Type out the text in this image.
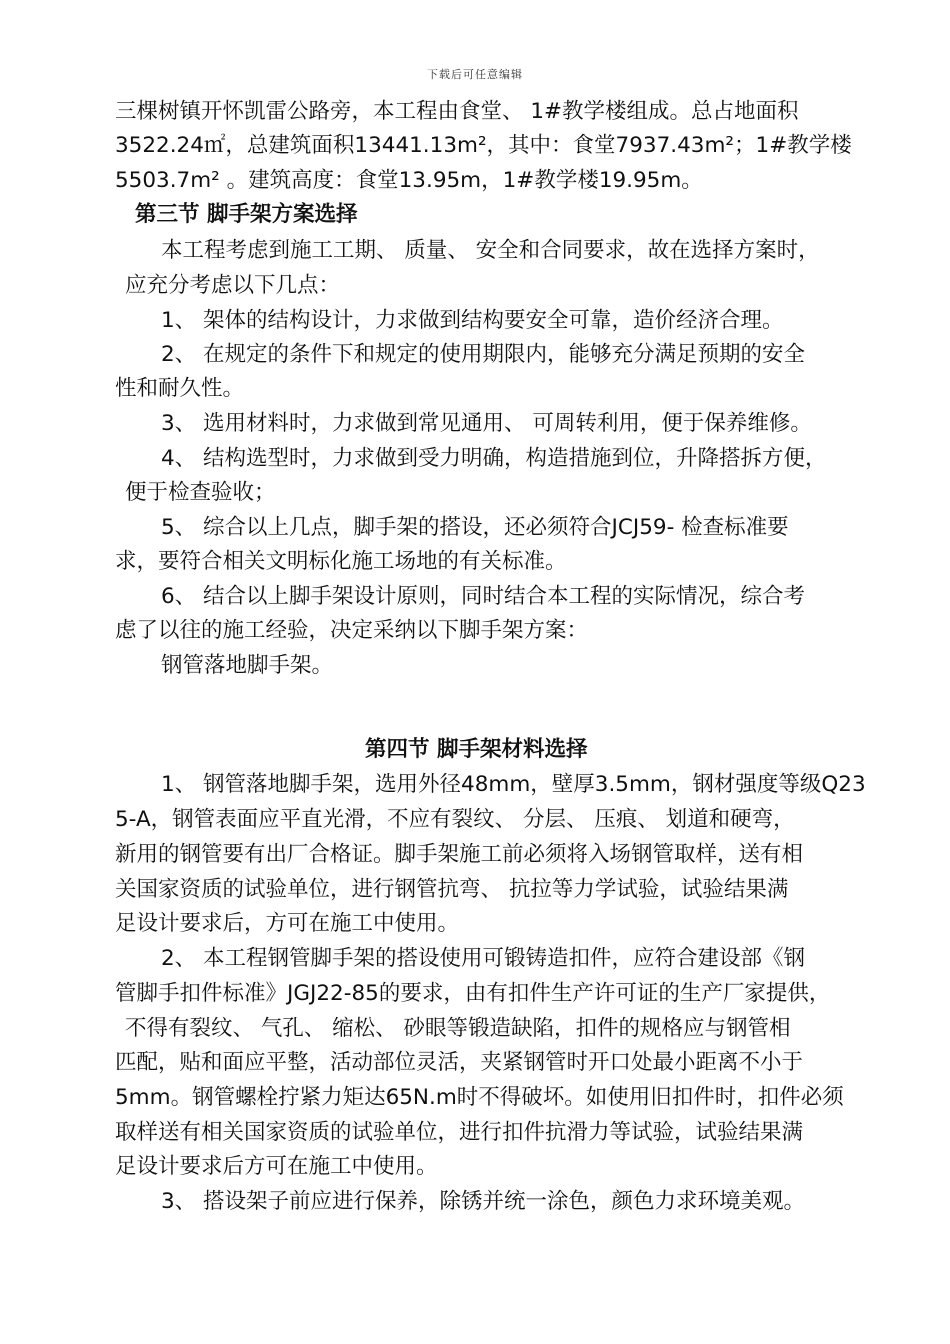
下载后可任意编辑
三棵树镇开怀凯雷公路旁，本工程由食堂、 1#教学楼组成。总占地面积
3522.24㎡，总建筑面积13441.13m²，其中：食堂7937.43m²；1#教学楼
5503.7m² 。建筑高度：食堂13.95m，1#教学楼19.95m。
第三节 脚手架方案选择
本工程考虑到施工工期、 质量、 安全和合同要求，故在选择方案时，
应充分考虑以下几点：
1、 架体的结构设计，力求做到结构要安全可靠，造价经济合理。
2、 在规定的条件下和规定的使用期限内，能够充分满足预期的安全
性和耐久性。
3、 选用材料时，力求做到常见通用、 可周转利用，便于保养维修。
4、 结构选型时，力求做到受力明确，构造措施到位，升降搭拆方便，
便于检查验收；
5、 综合以上几点，脚手架的搭设，还必须符合JCJ59- 检查标准要
求，要符合相关文明标化施工场地的有关标准。
6、 结合以上脚手架设计原则，同时结合本工程的实际情况，综合考
虑了以往的施工经验，决定采纳以下脚手架方案：
钢管落地脚手架。
第四节 脚手架材料选择
1、 钢管落地脚手架，选用外径48mm，壁厚3.5mm，钢材强度等级Q23
5-A，钢管表面应平直光滑，不应有裂纹、 分层、 压痕、 划道和硬弯，
新用的钢管要有出厂合格证。脚手架施工前必须将入场钢管取样，送有相
关国家资质的试验单位，进行钢管抗弯、 抗拉等力学试验，试验结果满
足设计要求后，方可在施工中使用。
2、 本工程钢管脚手架的搭设使用可锻铸造扣件，应符合建设部《钢
管脚手扣件标准》JGJ22-85的要求，由有扣件生产许可证的生产厂家提供，
不得有裂纹、 气孔、 缩松、 砂眼等锻造缺陷，扣件的规格应与钢管相
匹配，贴和面应平整，活动部位灵活，夹紧钢管时开口处最小距离不小于
5mm。钢管螺栓拧紧力矩达65N.m时不得破坏。如使用旧扣件时，扣件必须
取样送有相关国家资质的试验单位，进行扣件抗滑力等试验，试验结果满
足设计要求后方可在施工中使用。
3、 搭设架子前应进行保养，除锈并统一涂色，颜色力求环境美观。
